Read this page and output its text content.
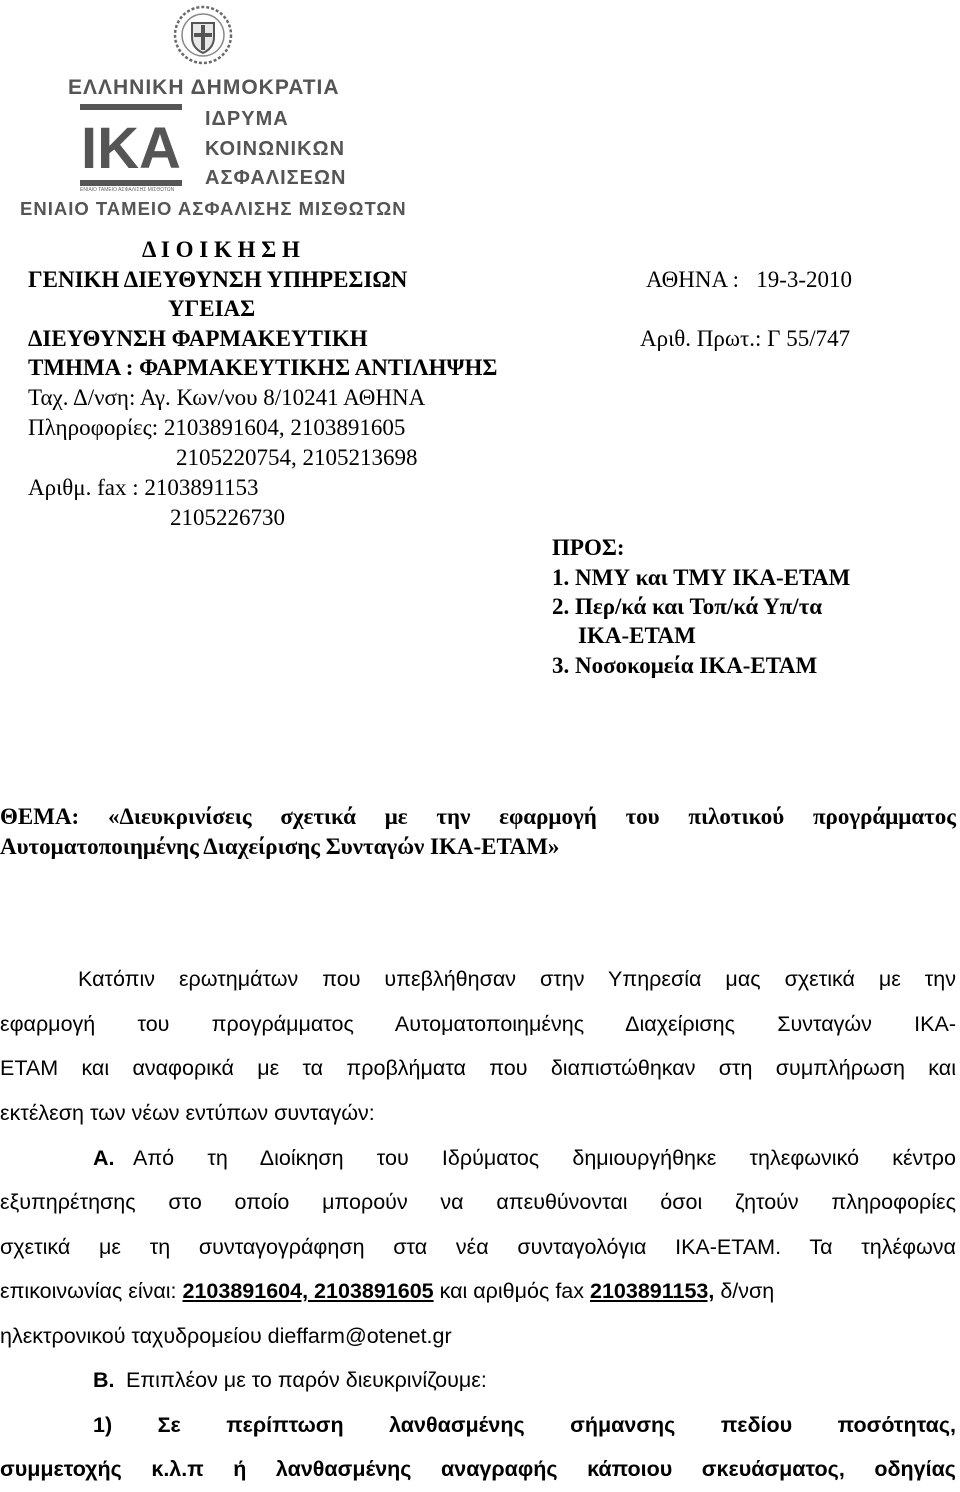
ΕΛΛΗΝΙΚΗ ΔΗΜΟΚΡΑΤΙΑ
IKA ΙΔΡΥΜΑ
ΚΟΙΝΩΝΙΚΩΝ
ΑΣΦΑΛΙΣΕΩΝ
ΕΝΙΑΙΟ ΤΑΜΕΙΟ ΑΣΦΑΛΙΣΗΣ ΜΙΣΘΩΤΩΝ
ΕΝΙΑΙΟ ΤΑΜΕΙΟ ΑΣΦΑΛΙΣΗΣ ΜΙΣΘΩΤΩΝ
Δ Ι Ο Ι Κ Η Σ Η
ΓΕΝΙΚΗ ΔΙΕΥΘΥΝΣΗ ΥΠΗΡΕΣΙΩΝ
ΥΓΕΙΑΣ
ΔΙΕΥΘΥΝΣΗ ΦΑΡΜΑΚΕΥΤΙΚΗ
ΤΜΗΜΑ : ΦΑΡΜΑΚΕΥΤΙΚΗΣ ΑΝΤΙΛΗΨΗΣ
Ταχ. Δ/νση: Αγ. Κων/νου 8/10241 ΑΘΗΝΑ
Πληροφορίες: 2103891604, 2103891605
2105220754, 2105213698
Αριθμ. fax : 2103891153
2105226730
ΑΘΗΝΑ :   19-3-2010
Αριθ. Πρωτ.: Γ 55/747
ΠΡΟΣ:
1. ΝΜΥ και ΤΜΥ ΙΚΑ-ΕΤΑΜ
2. Περ/κά και Τοπ/κά Υπ/τα
ΙΚΑ-ΕΤΑΜ
3. Νοσοκομεία ΙΚΑ-ΕΤΑΜ
ΘΕΜΑ: «Διευκρινίσεις σχετικά με την εφαρμογή του πιλοτικού προγράμματος
Αυτοματοποιημένης Διαχείρισης Συνταγών ΙΚΑ-ΕΤΑΜ»
Κατόπιν ερωτημάτων που υπεβλήθησαν στην Υπηρεσία μας σχετικά με την
εφαρμογή του προγράμματος Αυτοματοποιημένης Διαχείρισης Συνταγών ΙΚΑ-
ΕΤΑΜ και αναφορικά με τα προβλήματα που διαπιστώθηκαν στη συμπλήρωση και
εκτέλεση των νέων εντύπων συνταγών:
Α. Από τη Διοίκηση του Ιδρύματος δημιουργήθηκε τηλεφωνικό κέντρο
εξυπηρέτησης στο οποίο μπορούν να απευθύνονται όσοι ζητούν πληροφορίες
σχετικά με τη συνταγογράφηση στα νέα συνταγολόγια ΙΚΑ-ΕΤΑΜ. Τα τηλέφωνα
επικοινωνίας είναι: 2103891604, 2103891605 και αριθμός fax 2103891153, δ/νση
ηλεκτρονικού ταχυδρομείου dieffarm@otenet.gr
Β. Επιπλέον με το παρόν διευκρινίζουμε:
1) Σε περίπτωση λανθασμένης σήμανσης πεδίου ποσότητας,
συμμετοχής κ.λ.π ή λανθασμένης αναγραφής κάποιου σκευάσματος, οδηγίας
